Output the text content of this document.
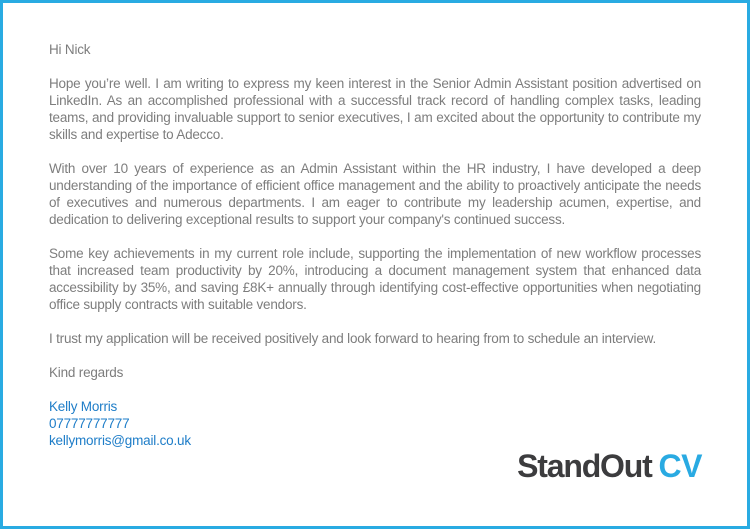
Hi Nick

Hope you’re well. I am writing to express my keen interest in the Senior Admin Assistant position advertised on LinkedIn. As an accomplished professional with a successful track record of handling complex tasks, leading teams, and providing invaluable support to senior executives, I am excited about the opportunity to contribute my skills and expertise to Adecco.

With over 10 years of experience as an Admin Assistant within the HR industry, I have developed a deep understanding of the importance of efficient office management and the ability to proactively anticipate the needs of executives and numerous departments. I am eager to contribute my leadership acumen, expertise, and dedication to delivering exceptional results to support your company's continued success.

Some key achievements in my current role include, supporting the implementation of new workflow processes that increased team productivity by 20%, introducing a document management system that enhanced data accessibility by 35%, and saving £8K+ annually through identifying cost-effective opportunities when negotiating office supply contracts with suitable vendors.

I trust my application will be received positively and look forward to hearing from to schedule an interview.

Kind regards

Kelly Morris

07777777777

kellymorris@gmail.co.uk

StandOut CV
